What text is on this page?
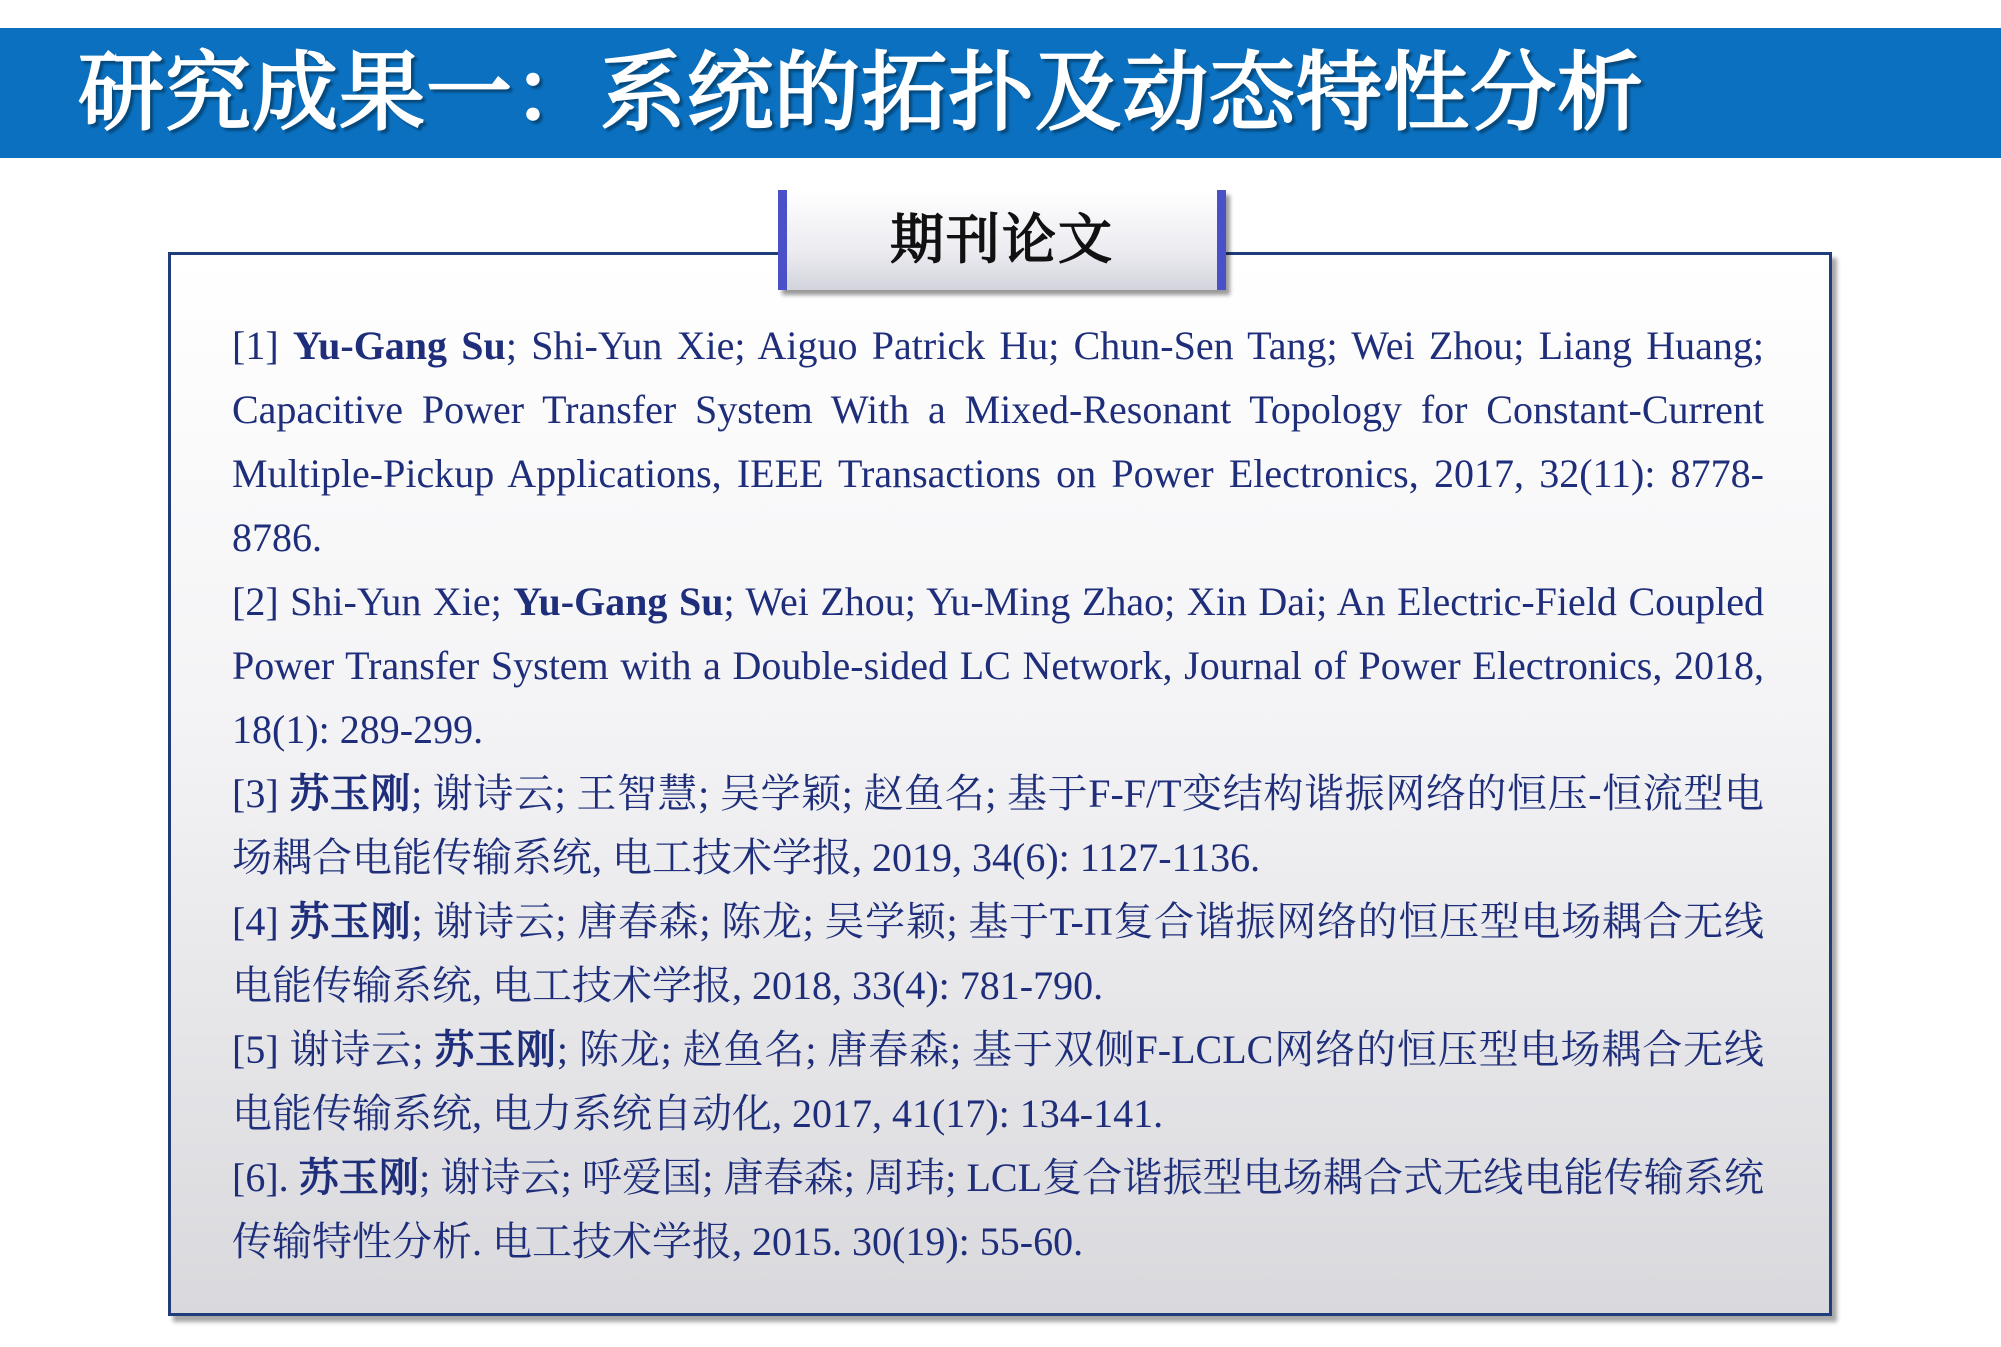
研究成果一：系统的拓扑及动态特性分析
期刊论文

[1] Yu-Gang Su; Shi-Yun Xie; Aiguo Patrick Hu; Chun-Sen Tang; Wei Zhou; Liang Huang; Capacitive Power Transfer System With a Mixed-Resonant Topology for Constant-Current Multiple-Pickup Applications, IEEE Transactions on Power Electronics, 2017, 32(11): 8778-8786.

[2] Shi-Yun Xie; Yu-Gang Su; Wei Zhou; Yu-Ming Zhao; Xin Dai; An Electric-Field Coupled Power Transfer System with a Double-sided LC Network, Journal of Power Electronics, 2018, 18(1): 289-299.

[3] 苏玉刚; 谢诗云; 王智慧; 吴学颖; 赵鱼名; 基于F-F/T变结构谐振网络的恒压-恒流型电场耦合电能传输系统, 电工技术学报, 2019, 34(6): 1127-1136.

[4] 苏玉刚; 谢诗云; 唐春森; 陈龙; 吴学颖; 基于T-Π复合谐振网络的恒压型电场耦合无线电能传输系统, 电工技术学报, 2018, 33(4): 781-790.

[5] 谢诗云; 苏玉刚; 陈龙; 赵鱼名; 唐春森; 基于双侧F-LCLC网络的恒压型电场耦合无线电能传输系统, 电力系统自动化, 2017, 41(17): 134-141.

[6]. 苏玉刚; 谢诗云; 呼爱国; 唐春森; 周玮; LCL复合谐振型电场耦合式无线电能传输系统传输特性分析. 电工技术学报, 2015. 30(19): 55-60.
